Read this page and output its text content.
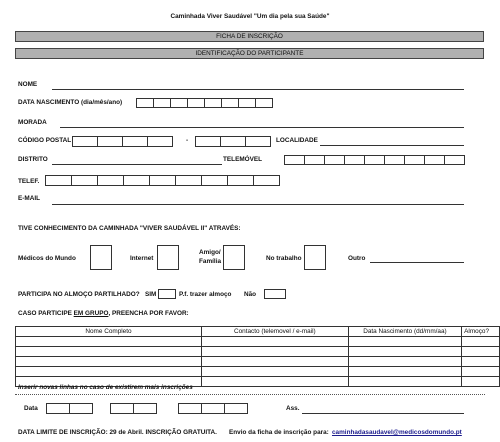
Caminhada Viver Saudável "Um dia pela sua Saúde"
FICHA DE INSCRIÇÃO
IDENTIFICAÇÃO DO PARTICIPANTE
NOME
DATA NASCIMENTO (dia/mês/ano)
MORADA
CÓDIGO POSTAL	-	LOCALIDADE
DISTRITO	TELEMÓVEL
TELEF.
E-MAIL
TIVE CONHECIMENTO DA CAMINHADA "VIVER SAUDÁVEL II" ATRAVÉS:
Médicos do Mundo	Internet
Amigo/
Família	No trabalho	Outro
PARTICIPA NO ALMOÇO PARTILHADO? SIM	P.f. trazer almoço Não
CASO PARTICIPE EM GRUPO, PREENCHA POR FAVOR:
Nome Completo	Contacto (telemovel / e-mail)	Data Nascimento (dd/mm/aa)	Almoço?

Inserir novas linhas no caso de existirem mais inscrições
Data	Ass.
DATA LIMITE DE INSCRIÇÃO: 29 de Abril. INSCRIÇÃO GRATUITA. Envio da ficha de inscrição para: caminhadasaudavel@medicosdomundo.pt
